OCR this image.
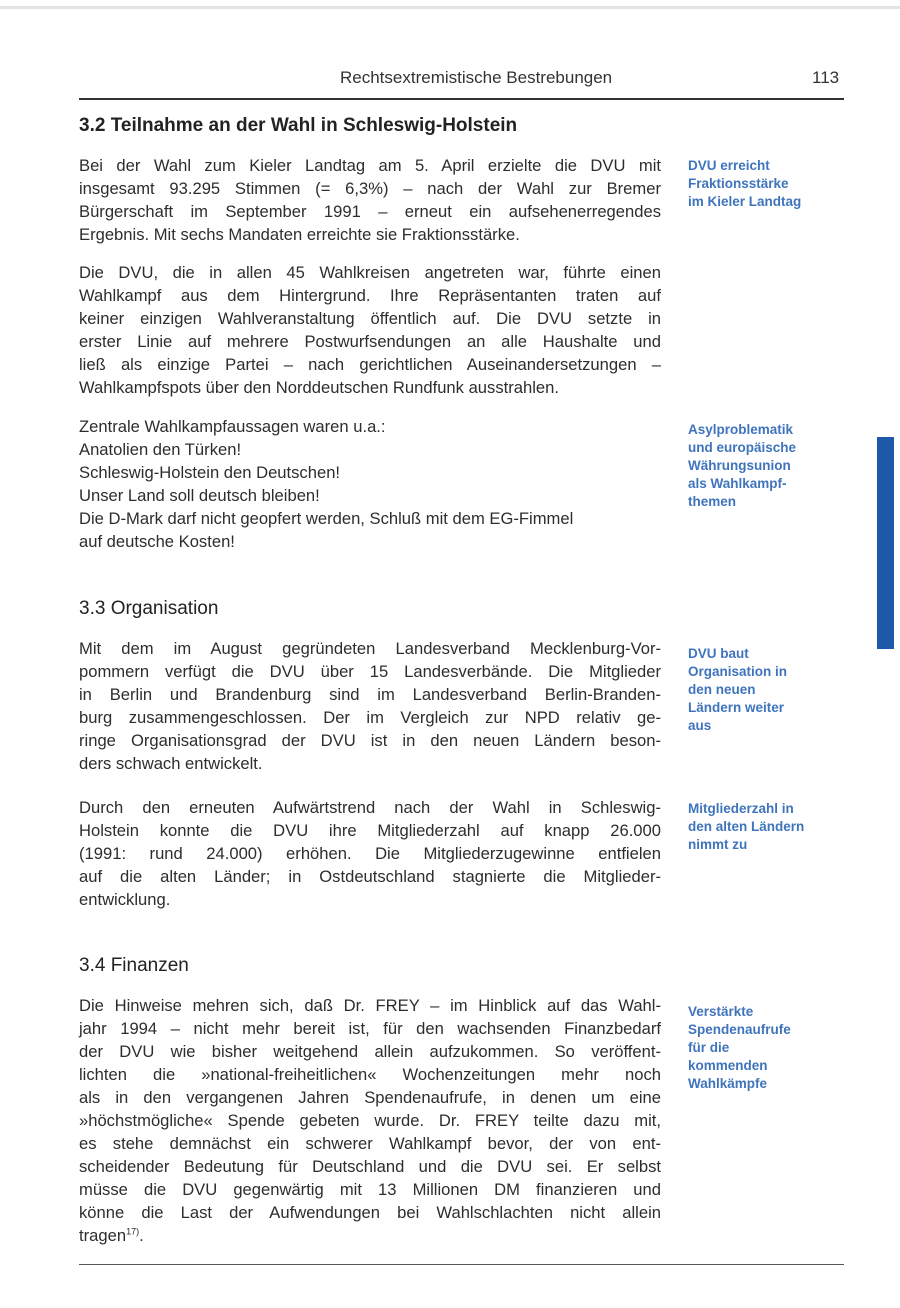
Rechtsextremistische Bestrebungen	113
3.2 Teilnahme an der Wahl in Schleswig-Holstein
Bei der Wahl zum Kieler Landtag am 5. April erzielte die DVU mit
insgesamt 93.295 Stimmen (= 6,3%) – nach der Wahl zur Bremer
Bürgerschaft im September 1991 – erneut ein aufsehenerregendes
Ergebnis. Mit sechs Mandaten erreichte sie Fraktionsstärke.
Die DVU, die in allen 45 Wahlkreisen angetreten war, führte einen
Wahlkampf aus dem Hintergrund. Ihre Repräsentanten traten auf
keiner einzigen Wahlveranstaltung öffentlich auf. Die DVU setzte in
erster Linie auf mehrere Postwurfsendungen an alle Haushalte und
ließ als einzige Partei – nach gerichtlichen Auseinandersetzungen –
Wahlkampfspots über den Norddeutschen Rundfunk ausstrahlen.
Zentrale Wahlkampfaussagen waren u.a.:
Anatolien den Türken!
Schleswig-Holstein den Deutschen!
Unser Land soll deutsch bleiben!
Die D-Mark darf nicht geopfert werden, Schluß mit dem EG-Fimmel
auf deutsche Kosten!
DVU erreicht
Fraktionsstärke
im Kieler Landtag
Asylproblematik
und europäische
Währungsunion
als Wahlkampf-
themen
3.3 Organisation
Mit dem im August gegründeten Landesverband Mecklenburg-Vor-
pommern verfügt die DVU über 15 Landesverbände. Die Mitglieder
in Berlin und Brandenburg sind im Landesverband Berlin-Branden-
burg zusammengeschlossen. Der im Vergleich zur NPD relativ ge-
ringe Organisationsgrad der DVU ist in den neuen Ländern beson-
ders schwach entwickelt.
Durch den erneuten Aufwärtstrend nach der Wahl in Schleswig-
Holstein konnte die DVU ihre Mitgliederzahl auf knapp 26.000
(1991: rund 24.000) erhöhen. Die Mitgliederzugewinne entfielen
auf die alten Länder; in Ostdeutschland stagnierte die Mitglieder-
entwicklung.
DVU baut
Organisation in
den neuen
Ländern weiter
aus
Mitgliederzahl in
den alten Ländern
nimmt zu
3.4 Finanzen
Die Hinweise mehren sich, daß Dr. FREY – im Hinblick auf das Wahl-
jahr 1994 – nicht mehr bereit ist, für den wachsenden Finanzbedarf
der DVU wie bisher weitgehend allein aufzukommen. So veröffent-
lichten die »national-freiheitlichen« Wochenzeitungen mehr noch
als in den vergangenen Jahren Spendenaufrufe, in denen um eine
»höchstmögliche« Spende gebeten wurde. Dr. FREY teilte dazu mit,
es stehe demnächst ein schwerer Wahlkampf bevor, der von ent-
scheidender Bedeutung für Deutschland und die DVU sei. Er selbst
müsse die DVU gegenwärtig mit 13 Millionen DM finanzieren und
könne die Last der Aufwendungen bei Wahlschlachten nicht allein
tragen$^{17)}$.
Verstärkte
Spendenaufrufe
für die
kommenden
Wahlkämpfe
